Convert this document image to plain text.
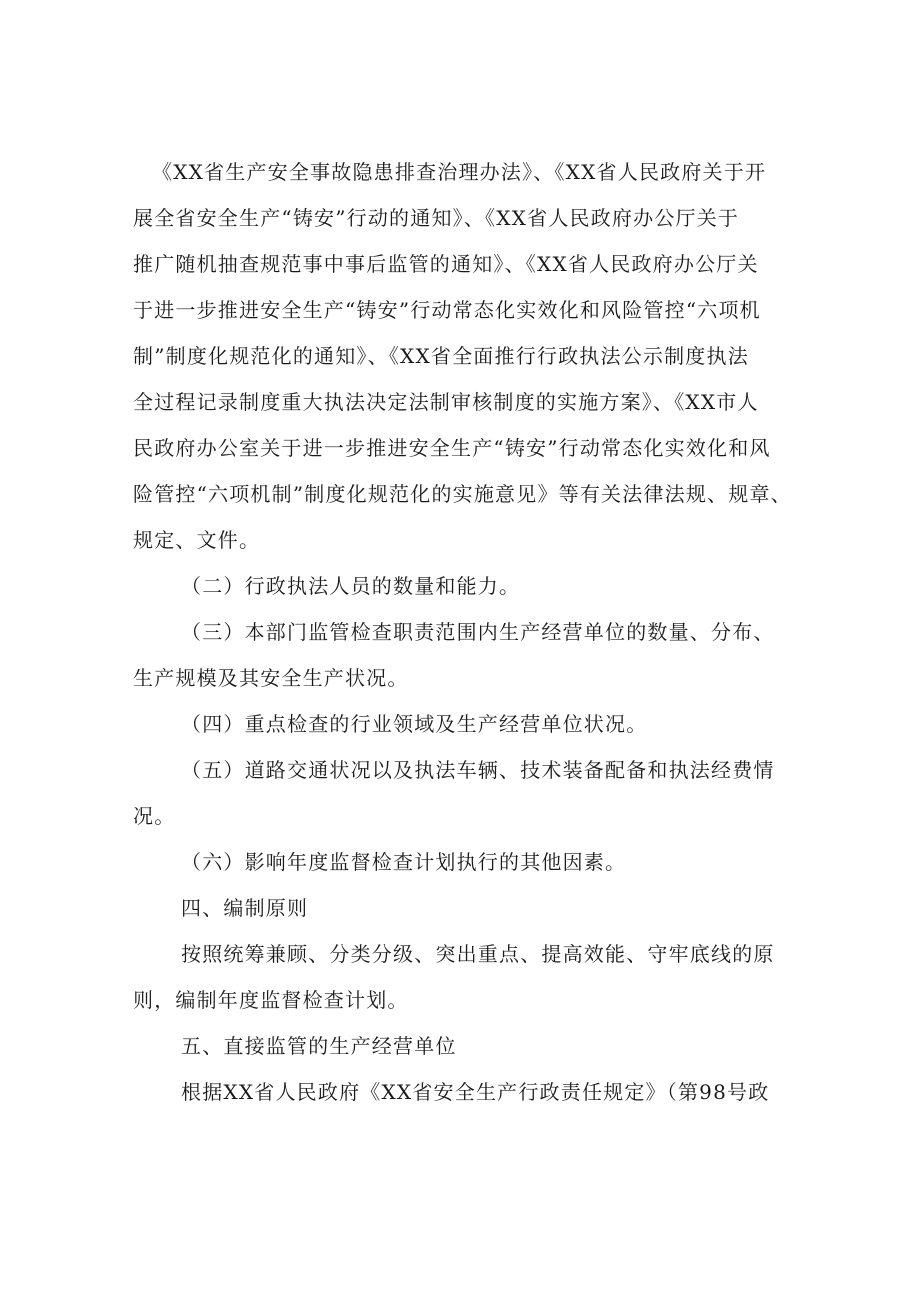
《XX省生产安全事故隐患排查治理办法》、《XX省人民政府关于开
展全省安全生产“铸安”行动的通知》、《XX省人民政府办公厅关于
推广随机抽查规范事中事后监管的通知》、《XX省人民政府办公厅关
于进一步推进安全生产“铸安”行动常态化实效化和风险管控“六项机
制”制度化规范化的通知》、《XX省全面推行行政执法公示制度执法
全过程记录制度重大执法决定法制审核制度的实施方案》、《XX市人
民政府办公室关于进一步推进安全生产“铸安”行动常态化实效化和风
险管控“六项机制”制度化规范化的实施意见》等有关法律法规、规章、
规定、文件。
（二）行政执法人员的数量和能力。
（三）本部门监管检查职责范围内生产经营单位的数量、分布、
生产规模及其安全生产状况。
（四）重点检查的行业领域及生产经营单位状况。
（五）道路交通状况以及执法车辆、技术装备配备和执法经费情
况。
（六）影响年度监督检查计划执行的其他因素。
四、编制原则
按照统筹兼顾、分类分级、突出重点、提高效能、守牢底线的原
则，编制年度监督检查计划。
五、直接监管的生产经营单位
根据XX省人民政府《XX省安全生产行政责任规定》（第98号政
